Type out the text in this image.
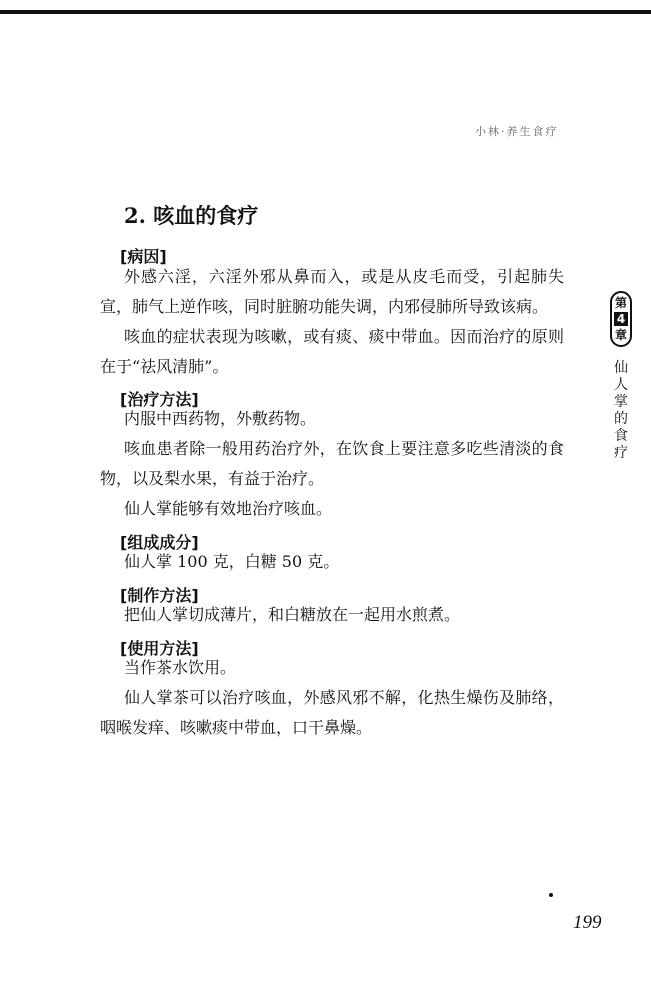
小林·养生食疗
2. 咳血的食疗
[病因]

外感六淫，六淫外邪从鼻而入，或是从皮毛而受，引起肺失宣，肺气上逆作咳，同时脏腑功能失调，内邪侵肺所导致该病。

咳血的症状表现为咳嗽，或有痰、痰中带血。因而治疗的原则在于“祛风清肺”。

[治疗方法]

内服中西药物，外敷药物。

咳血患者除一般用药治疗外，在饮食上要注意多吃些清淡的食物，以及梨水果，有益于治疗。

仙人掌能够有效地治疗咳血。

[组成成分]

仙人掌 100 克，白糖 50 克。

[制作方法]

把仙人掌切成薄片，和白糖放在一起用水煎煮。

[使用方法]

当作茶水饮用。

仙人掌茶可以治疗咳血，外感风邪不解，化热生燥伤及肺络，咽喉发痒、咳嗽痰中带血，口干鼻燥。

第
4
章
仙人掌的食疗
199
